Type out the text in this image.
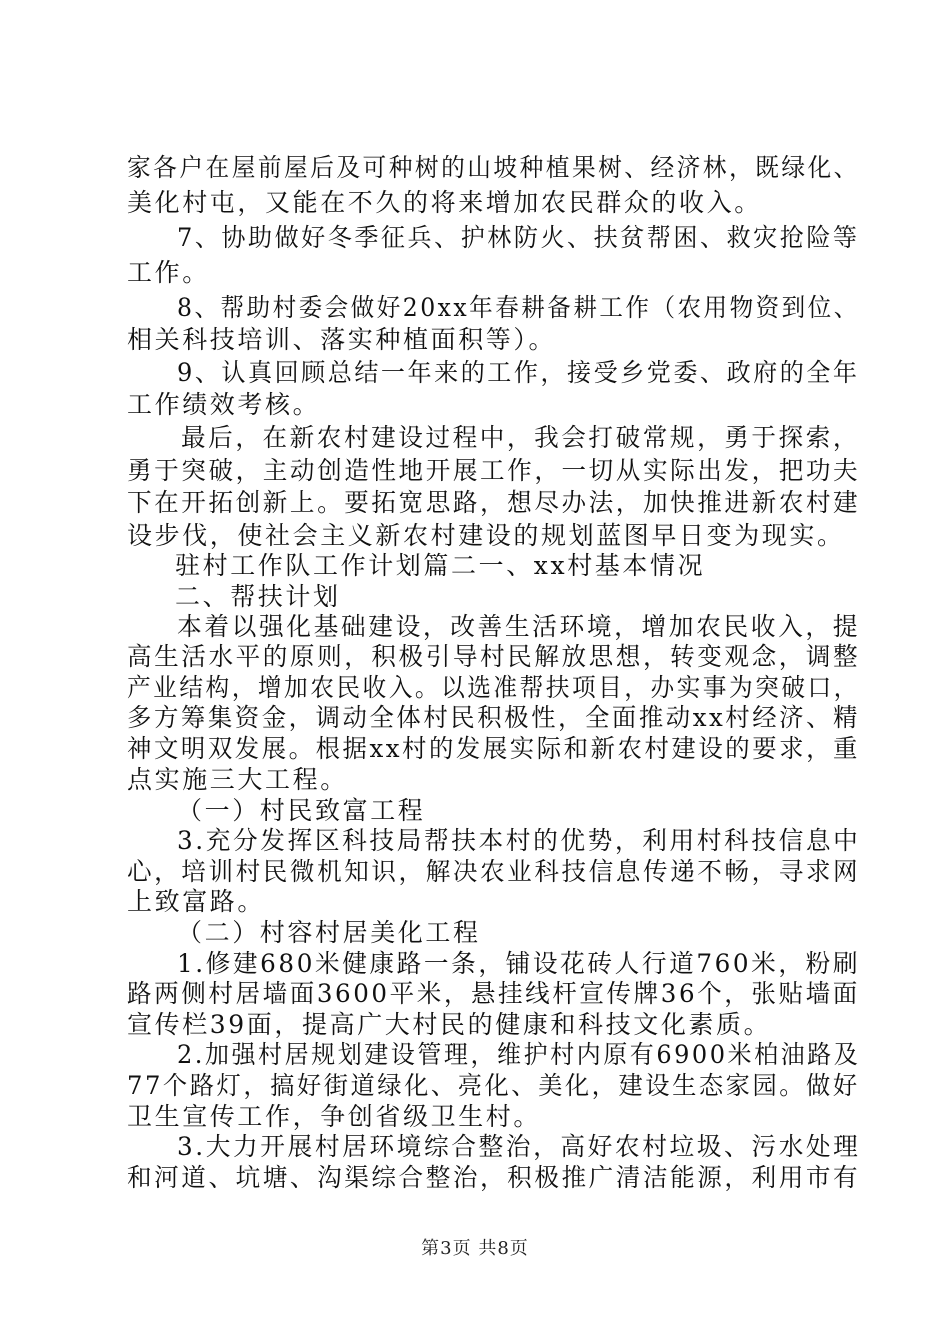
家各户在屋前屋后及可种树的山坡种植果树、经济林，既绿化、
美化村屯，又能在不久的将来增加农民群众的收入。
7、协助做好冬季征兵、护林防火、扶贫帮困、救灾抢险等
工作。
8、帮助村委会做好20xx年春耕备耕工作（农用物资到位、
相关科技培训、落实种植面积等）。
9、认真回顾总结一年来的工作，接受乡党委、政府的全年
工作绩效考核。
最后，在新农村建设过程中，我会打破常规，勇于探索，
勇于突破，主动创造性地开展工作，一切从实际出发，把功夫
下在开拓创新上。要拓宽思路，想尽办法，加快推进新农村建
设步伐，使社会主义新农村建设的规划蓝图早日变为现实。
驻村工作队工作计划篇二一、xx村基本情况
二、帮扶计划
本着以强化基础建设，改善生活环境，增加农民收入，提
高生活水平的原则，积极引导村民解放思想，转变观念，调整
产业结构，增加农民收入。以选准帮扶项目，办实事为突破口，
多方筹集资金，调动全体村民积极性，全面推动xx村经济、精
神文明双发展。根据xx村的发展实际和新农村建设的要求，重
点实施三大工程。
（一）村民致富工程
3.充分发挥区科技局帮扶本村的优势，利用村科技信息中
心，培训村民微机知识，解决农业科技信息传递不畅，寻求网
上致富路。
（二）村容村居美化工程
1.修建680米健康路一条，铺设花砖人行道760米，粉刷
路两侧村居墙面3600平米，悬挂线杆宣传牌36个，张贴墙面
宣传栏39面，提高广大村民的健康和科技文化素质。
2.加强村居规划建设管理，维护村内原有6900米柏油路及
77个路灯，搞好街道绿化、亮化、美化，建设生态家园。做好
卫生宣传工作，争创省级卫生村。
3.大力开展村居环境综合整治，高好农村垃圾、污水处理
和河道、坑塘、沟渠综合整治，积极推广清洁能源，利用市有
第3页 共8页
